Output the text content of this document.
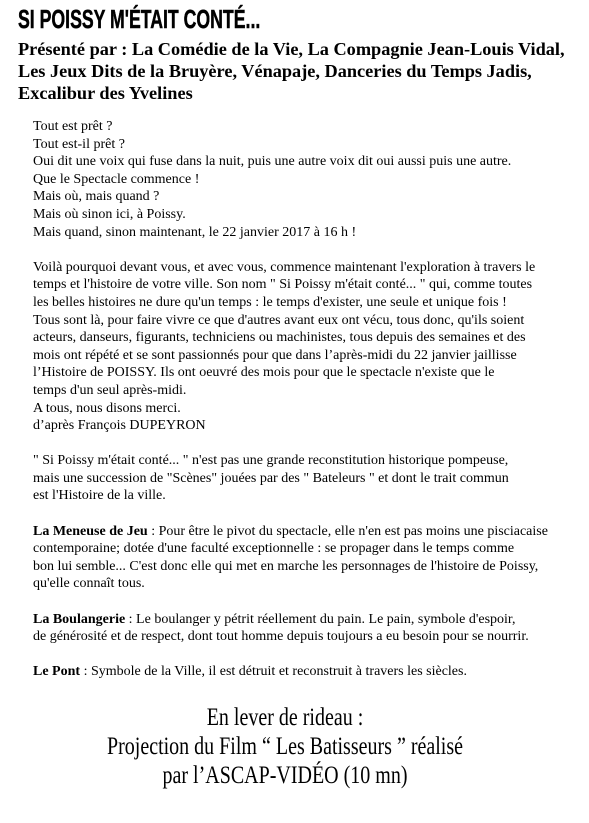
SI POISSY M'ÉTAIT CONTÉ...
Présenté par : La Comédie de la Vie, La Compagnie Jean-Louis Vidal,
Les Jeux Dits de la Bruyère, Vénapaje, Danceries du Temps Jadis,
Excalibur des Yvelines
Tout est prêt ?
Tout est-il prêt ?
Oui dit une voix qui fuse dans la nuit, puis une autre voix dit oui aussi puis une autre.
Que le Spectacle commence !
Mais où, mais quand ?
Mais où sinon ici, à Poissy.
Mais quand, sinon maintenant, le 22 janvier 2017 à 16 h !
Voilà pourquoi devant vous, et avec vous, commence maintenant l'exploration à travers le
temps et l'histoire de votre ville. Son nom " Si Poissy m'était conté... " qui, comme toutes
les belles histoires ne dure qu'un temps : le temps d'exister, une seule et unique fois !
Tous sont là, pour faire vivre ce que d'autres avant eux ont vécu, tous donc, qu'ils soient
acteurs, danseurs, figurants, techniciens ou machinistes, tous depuis des semaines et des
mois ont répété et se sont passionnés pour que dans l’après-midi du 22 janvier jaillisse
l’Histoire de POISSY. Ils ont oeuvré des mois pour que le spectacle n'existe que le
temps d'un seul après-midi.
A tous, nous disons merci.
d’après François DUPEYRON
" Si Poissy m'était conté... " n'est pas une grande reconstitution historique pompeuse,
mais une succession de "Scènes" jouées par des " Bateleurs " et dont le trait commun
est l'Histoire de la ville.
La Meneuse de Jeu : Pour être le pivot du spectacle, elle n'en est pas moins une pisciacaise
contemporaine; dotée d'une faculté exceptionnelle : se propager dans le temps comme
bon lui semble... C'est donc elle qui met en marche les personnages de l'histoire de Poissy,
qu'elle connaît tous.
La Boulangerie : Le boulanger y pétrit réellement du pain. Le pain, symbole d'espoir,
de générosité et de respect, dont tout homme depuis toujours a eu besoin pour se nourrir.
Le Pont : Symbole de la Ville, il est détruit et reconstruit à travers les siècles.
En lever de rideau :
Projection du Film “ Les Batisseurs ” réalisé
par l’ASCAP-VIDÉO (10 mn)
